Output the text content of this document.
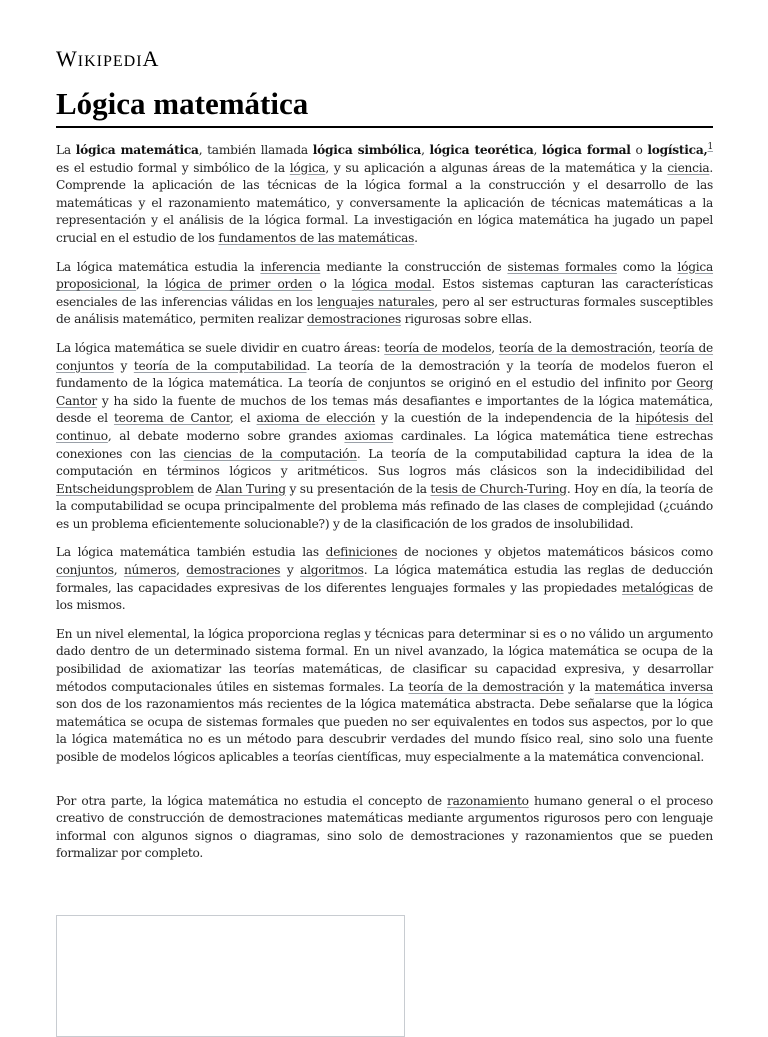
WIKIPEDIA
Lógica matemática

La lógica matemática, también llamada lógica simbólica, lógica teorética, lógica formal o logística,$^1$ es el estudio formal y simbólico de la lógica, y su aplicación a algunas áreas de la matemática y la ciencia. Comprende la aplicación de las técnicas de la lógica formal a la construcción y el desarrollo de las matemáticas y el razonamiento matemático, y conversamente la aplicación de técnicas matemáticas a la representación y el análisis de la lógica formal. La investigación en lógica matemática ha jugado un papel crucial en el estudio de los fundamentos de las matemáticas.

La lógica matemática estudia la inferencia mediante la construcción de sistemas formales como la lógica proposicional, la lógica de primer orden o la lógica modal. Estos sistemas capturan las características esenciales de las inferencias válidas en los lenguajes naturales, pero al ser estructuras formales susceptibles de análisis matemático, permiten realizar demostraciones rigurosas sobre ellas.

La lógica matemática se suele dividir en cuatro áreas: teoría de modelos, teoría de la demostración, teoría de conjuntos y teoría de la computabilidad. La teoría de la demostración y la teoría de modelos fueron el fundamento de la lógica matemática. La teoría de conjuntos se originó en el estudio del infinito por Georg Cantor y ha sido la fuente de muchos de los temas más desafiantes e importantes de la lógica matemática, desde el teorema de Cantor, el axioma de elección y la cuestión de la independencia de la hipótesis del continuo, al debate moderno sobre grandes axiomas cardinales. La lógica matemática tiene estrechas conexiones con las ciencias de la computación. La teoría de la computabilidad captura la idea de la computación en términos lógicos y aritméticos. Sus logros más clásicos son la indecidibilidad del Entscheidungsproblem de Alan Turing y su presentación de la tesis de Church-Turing. Hoy en día, la teoría de la computabilidad se ocupa principalmente del problema más refinado de las clases de complejidad (¿cuándo es un problema eficientemente solucionable?) y de la clasificación de los grados de insolubilidad.

La lógica matemática también estudia las definiciones de nociones y objetos matemáticos básicos como conjuntos, números, demostraciones y algoritmos. La lógica matemática estudia las reglas de deducción formales, las capacidades expresivas de los diferentes lenguajes formales y las propiedades metalógicas de los mismos.

En un nivel elemental, la lógica proporciona reglas y técnicas para determinar si es o no válido un argumento dado dentro de un determinado sistema formal. En un nivel avanzado, la lógica matemática se ocupa de la posibilidad de axiomatizar las teorías matemáticas, de clasificar su capacidad expresiva, y desarrollar métodos computacionales útiles en sistemas formales. La teoría de la demostración y la matemática inversa son dos de los razonamientos más recientes de la lógica matemática abstracta. Debe señalarse que la lógica matemática se ocupa de sistemas formales que pueden no ser equivalentes en todos sus aspectos, por lo que la lógica matemática no es un método para descubrir verdades del mundo físico real, sino solo una fuente posible de modelos lógicos aplicables a teorías científicas, muy especialmente a la matemática convencional.

Por otra parte, la lógica matemática no estudia el concepto de razonamiento humano general o el proceso creativo de construcción de demostraciones matemáticas mediante argumentos rigurosos pero con lenguaje informal con algunos signos o diagramas, sino solo de demostraciones y razonamientos que se pueden formalizar por completo.
